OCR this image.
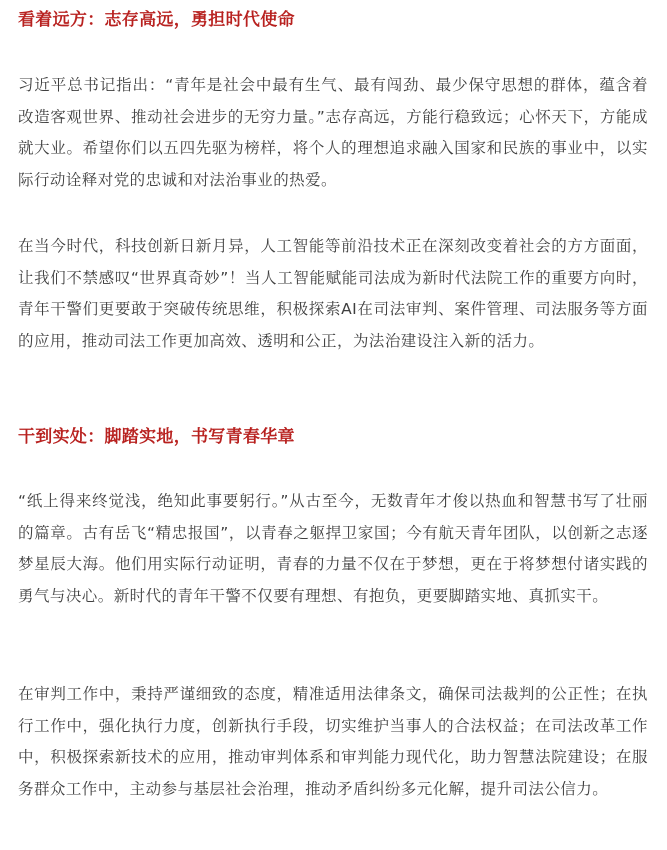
看着远方：志存高远，勇担时代使命

习近平总书记指出：“青年是社会中最有生气、最有闯劲、最少保守思想的群体，蕴含着改造客观世界、推动社会进步的无穷力量。”志存高远，方能行稳致远；心怀天下，方能成就大业。希望你们以五四先驱为榜样，将个人的理想追求融入国家和民族的事业中，以实际行动诠释对党的忠诚和对法治事业的热爱。

在当今时代，科技创新日新月异，人工智能等前沿技术正在深刻改变着社会的方方面面，让我们不禁感叹“世界真奇妙”！当人工智能赋能司法成为新时代法院工作的重要方向时，青年干警们更要敢于突破传统思维，积极探索AI在司法审判、案件管理、司法服务等方面的应用，推动司法工作更加高效、透明和公正，为法治建设注入新的活力。

干到实处：脚踏实地，书写青春华章

“纸上得来终觉浅，绝知此事要躬行。”从古至今，无数青年才俊以热血和智慧书写了壮丽的篇章。古有岳飞“精忠报国”，以青春之躯捍卫家国；今有航天青年团队，以创新之志逐梦星辰大海。他们用实际行动证明，青春的力量不仅在于梦想，更在于将梦想付诸实践的勇气与决心。新时代的青年干警不仅要有理想、有抱负，更要脚踏实地、真抓实干。

在审判工作中，秉持严谨细致的态度，精准适用法律条文，确保司法裁判的公正性；在执行工作中，强化执行力度，创新执行手段，切实维护当事人的合法权益；在司法改革工作中，积极探索新技术的应用，推动审判体系和审判能力现代化，助力智慧法院建设；在服务群众工作中，主动参与基层社会治理，推动矛盾纠纷多元化解，提升司法公信力。
